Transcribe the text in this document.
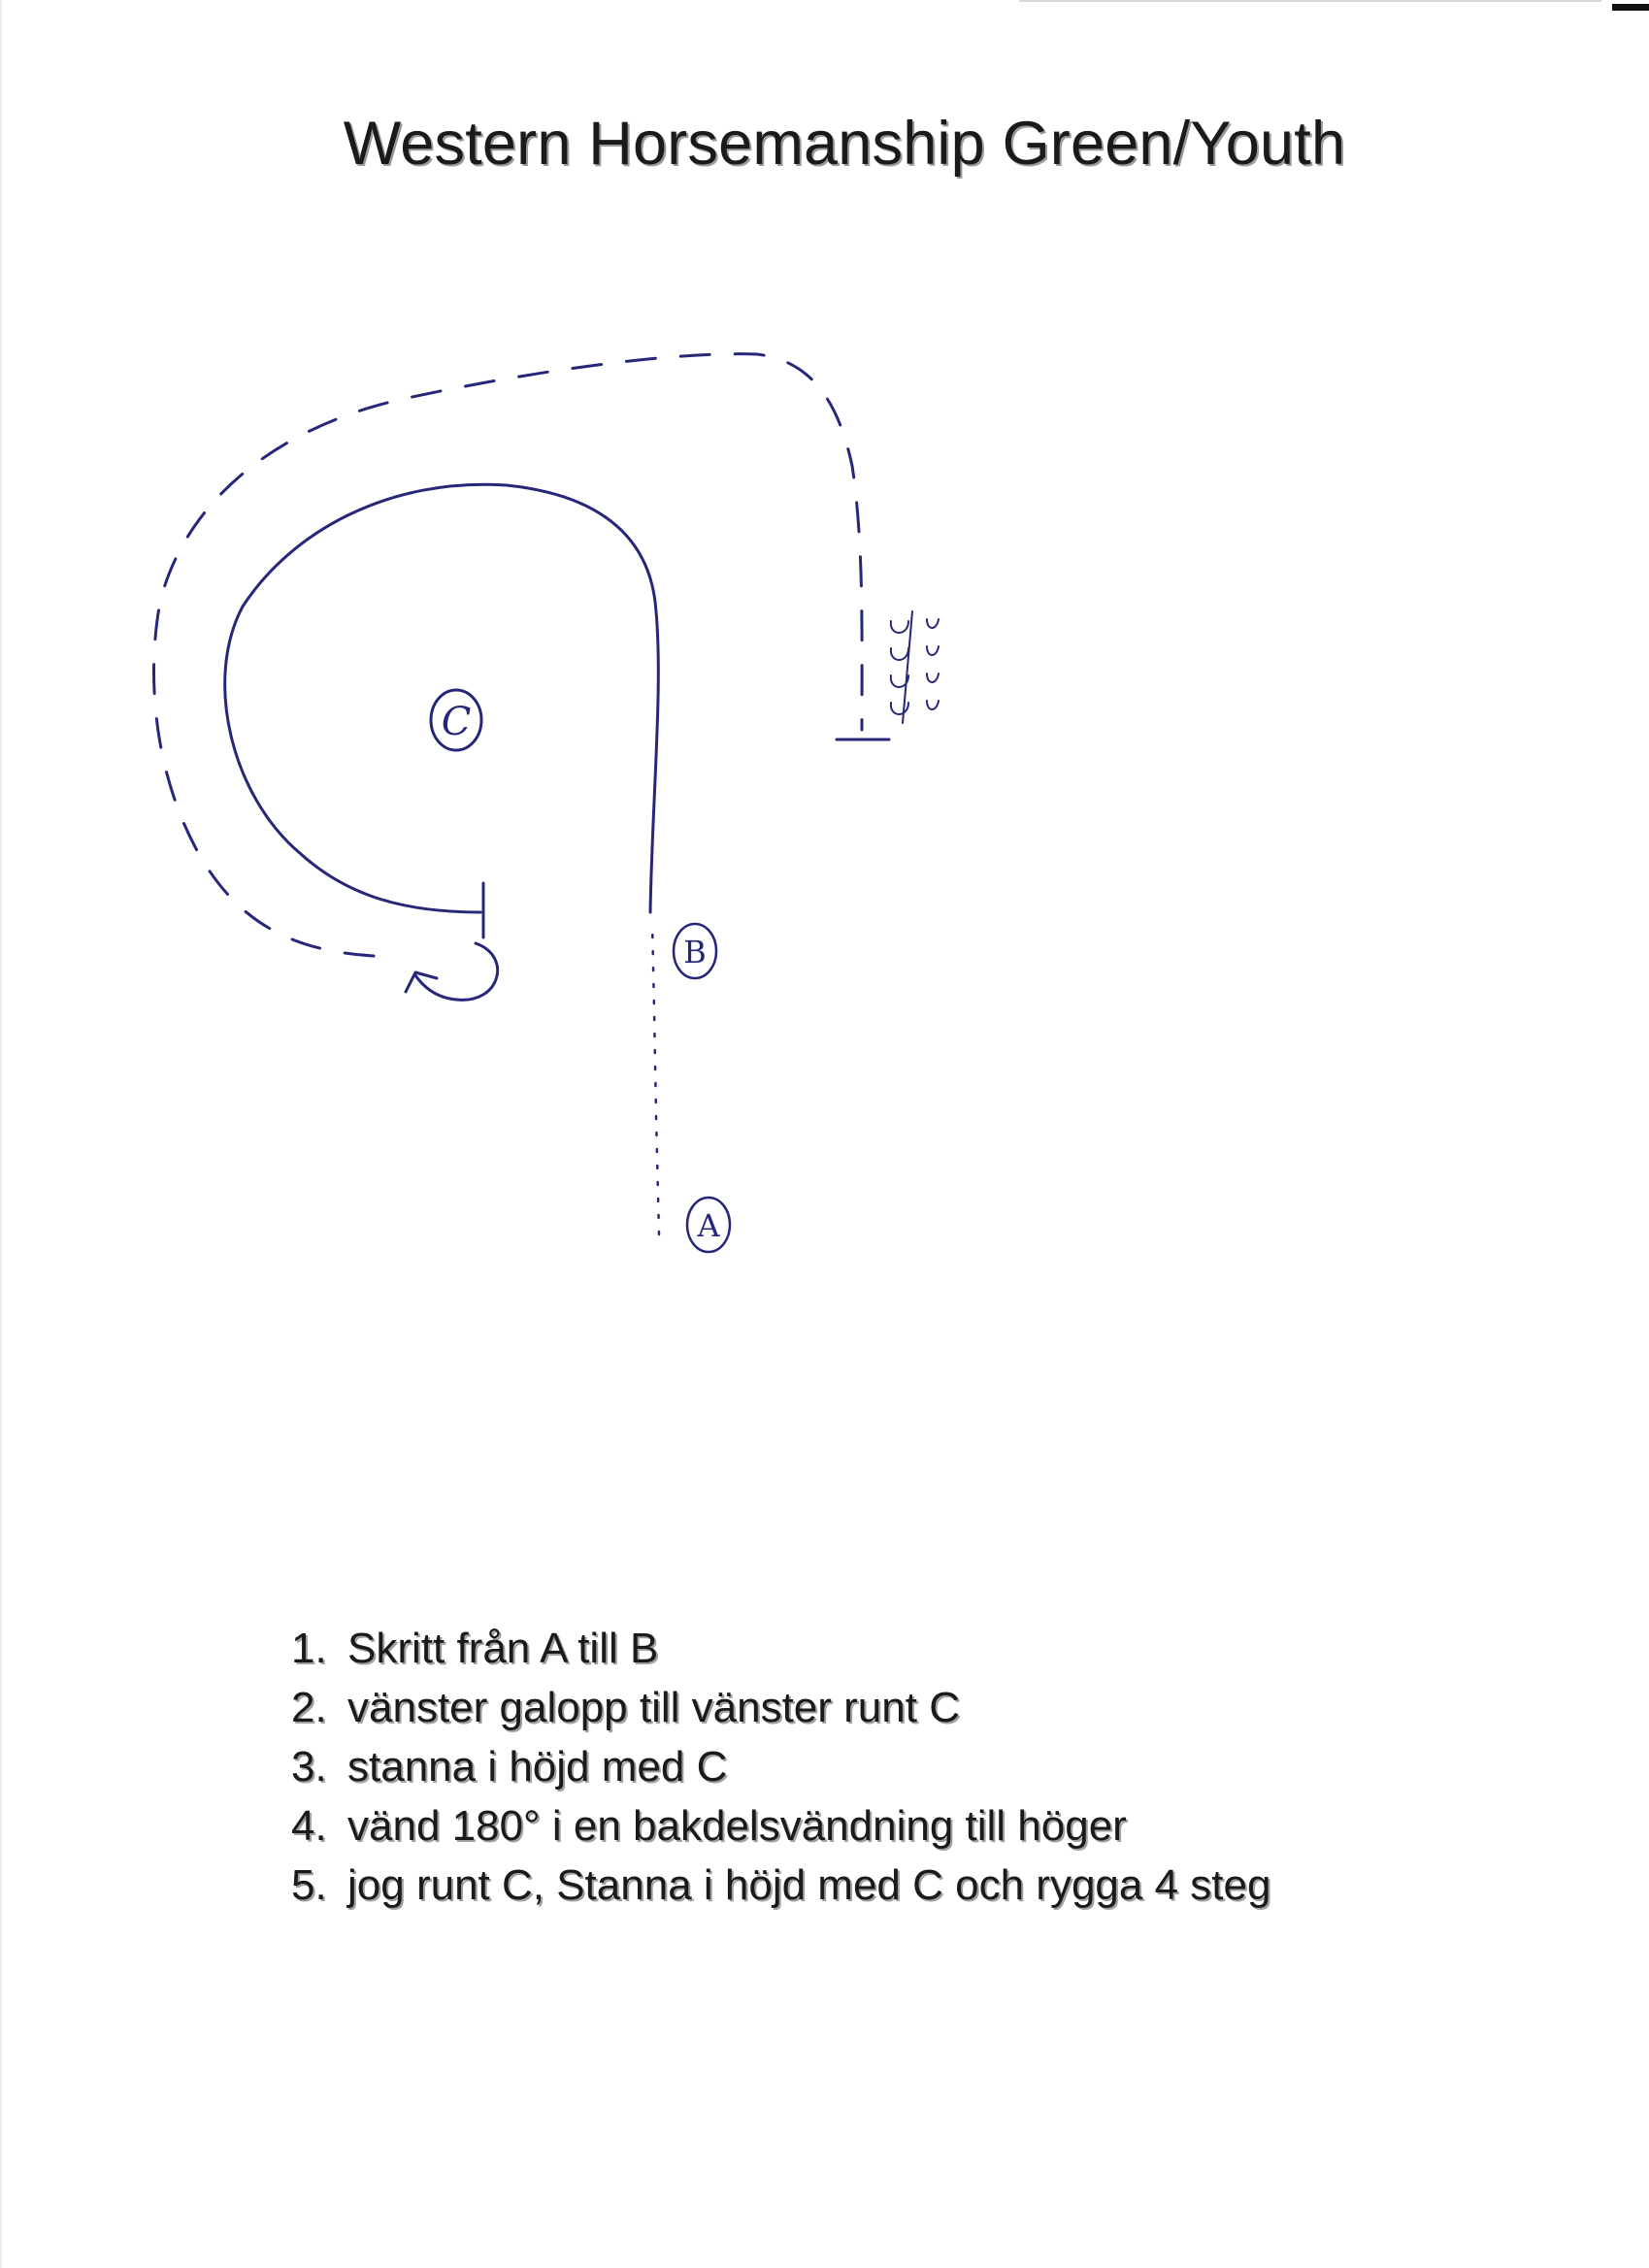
Western Horsemanship Green/Youth
C
B
A
1. Skritt från A till B
2. vänster galopp till vänster runt C
3. stanna i höjd med C
4. vänd 180° i en bakdelsvändning till höger
5. jog runt C, Stanna i höjd med C och rygga 4 steg
